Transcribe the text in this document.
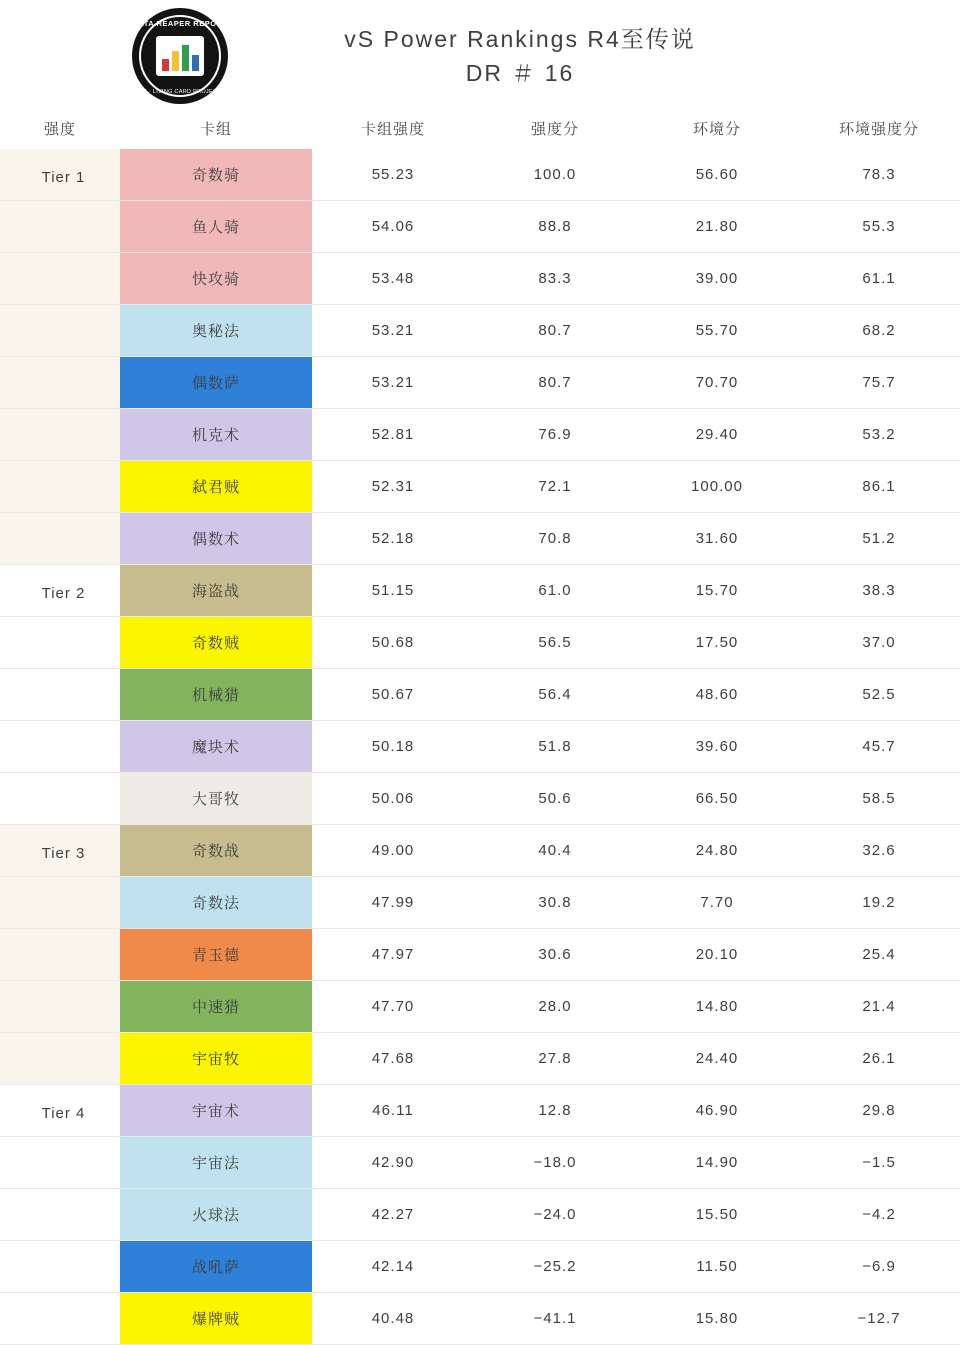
DATA REAPER REPORT
VS · LIVING CARD PROJECT
vS Power Rankings R4至传说
DR ＃ 16
强度	卡组	卡组强度	强度分	环境分	环境强度分
Tier 1	奇数骑	55.23	100.0	56.60	78.3
	鱼人骑	54.06	88.8	21.80	55.3
	快攻骑	53.48	83.3	39.00	61.1
	奥秘法	53.21	80.7	55.70	68.2
	偶数萨	53.21	80.7	70.70	75.7
	机克术	52.81	76.9	29.40	53.2
	弑君贼	52.31	72.1	100.00	86.1
	偶数术	52.18	70.8	31.60	51.2
Tier 2	海盗战	51.15	61.0	15.70	38.3
	奇数贼	50.68	56.5	17.50	37.0
	机械猎	50.67	56.4	48.60	52.5
	魔块术	50.18	51.8	39.60	45.7
	大哥牧	50.06	50.6	66.50	58.5
Tier 3	奇数战	49.00	40.4	24.80	32.6
	奇数法	47.99	30.8	7.70	19.2
	青玉德	47.97	30.6	20.10	25.4
	中速猎	47.70	28.0	14.80	21.4
	宇宙牧	47.68	27.8	24.40	26.1
Tier 4	宇宙术	46.11	12.8	46.90	29.8
	宇宙法	42.90	−18.0	14.90	−1.5
	火球法	42.27	−24.0	15.50	−4.2
	战吼萨	42.14	−25.2	11.50	−6.9
	爆牌贼	40.48	−41.1	15.80	−12.7
